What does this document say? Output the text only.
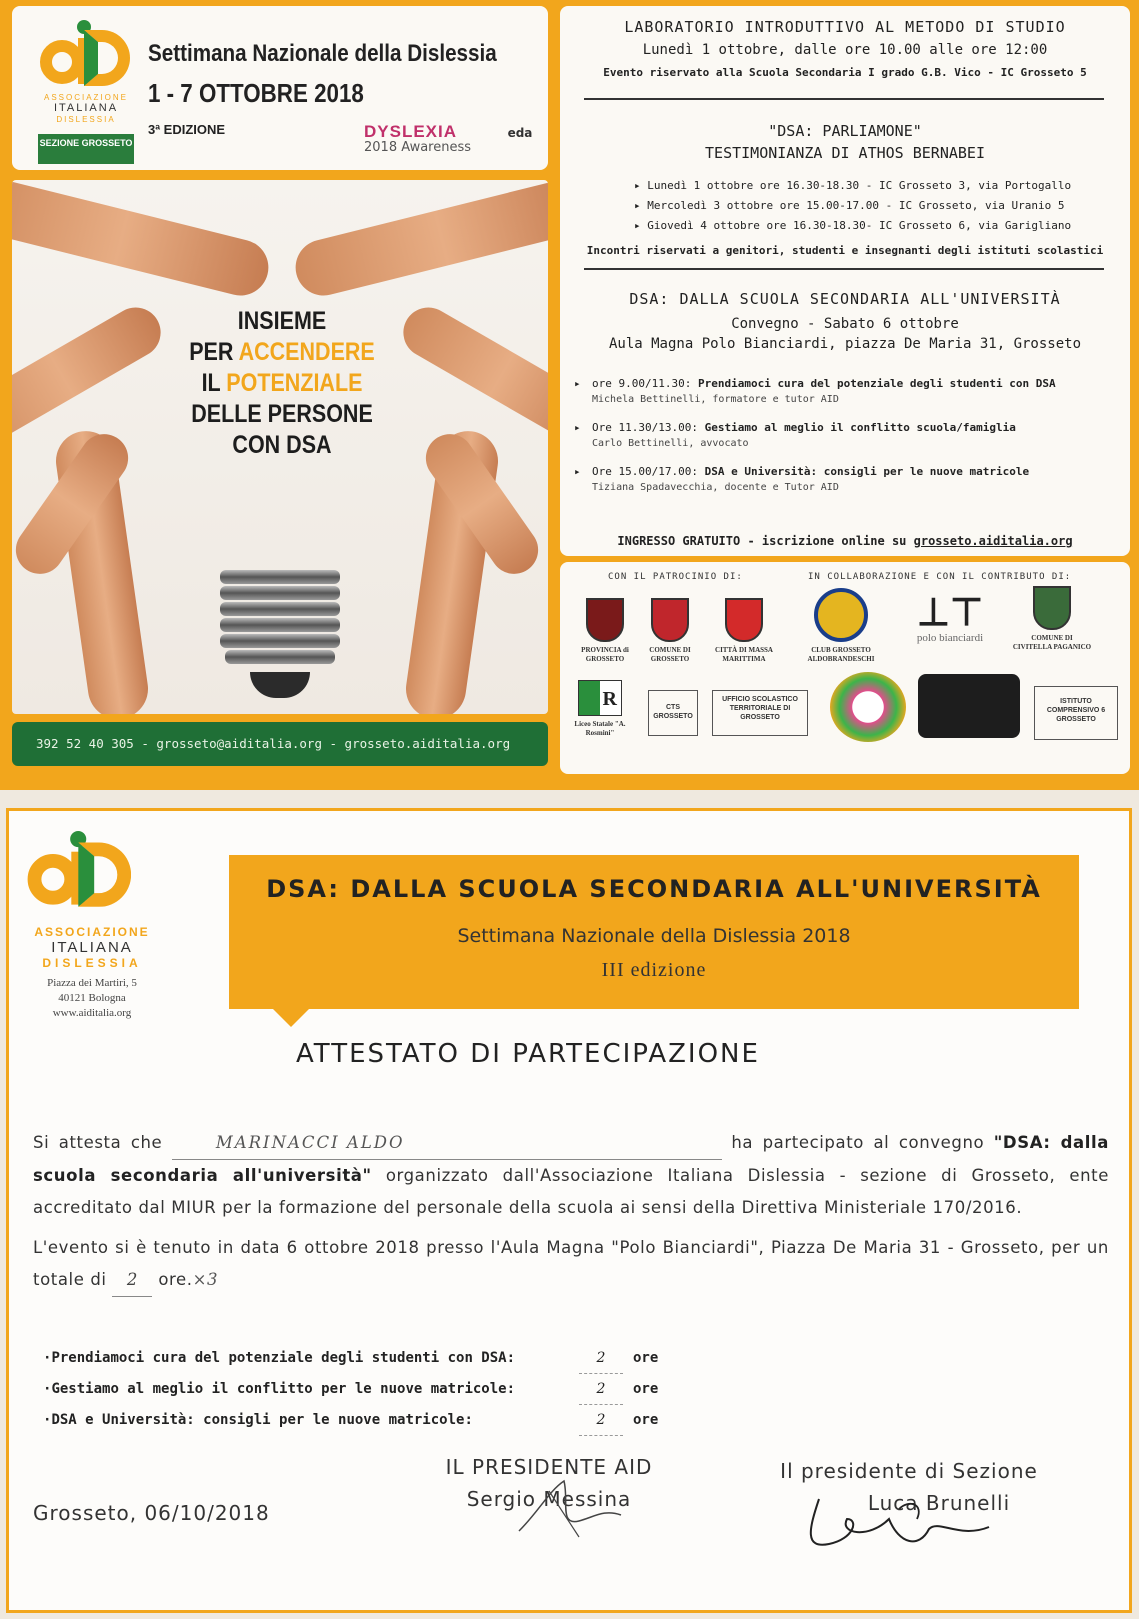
ASSOCIAZIONE
ITALIANA
DISLESSIA
SEZIONE GROSSETO
Settimana Nazionale della Dislessia
1 - 7 OTTOBRE 2018
3ª EDIZIONE	DYSLEXIA
2018 Awareness
eda
INSIEME
PER ACCENDERE
IL POTENZIALE
DELLE PERSONE
CON DSA
392 52 40 305 - grosseto@aiditalia.org - grosseto.aiditalia.org
LABORATORIO INTRODUTTIVO AL METODO DI STUDIO
Lunedì 1 ottobre, dalle ore 10.00 alle ore 12:00
Evento riservato alla Scuola Secondaria I grado G.B. Vico - IC Grosseto 5
"DSA: PARLIAMONE"
TESTIMONIANZA DI ATHOS BERNABEI
▸ Lunedì 1 ottobre ore 16.30-18.30 - IC Grosseto 3, via Portogallo
▸ Mercoledì 3 ottobre ore 15.00-17.00 - IC Grosseto, via Uranio 5
▸ Giovedì 4 ottobre ore 16.30-18.30- IC Grosseto 6, via Garigliano
Incontri riservati a genitori, studenti e insegnanti degli istituti scolastici
DSA: DALLA SCUOLA SECONDARIA ALL'UNIVERSITÀ
Convegno - Sabato 6 ottobre
Aula Magna Polo Bianciardi, piazza De Maria 31, Grosseto
▸ ore 9.00/11.30: Prendiamoci cura del potenziale degli studenti con DSA
Michela Bettinelli, formatore e tutor AID
▸ Ore 11.30/13.00: Gestiamo al meglio il conflitto scuola/famiglia
Carlo Bettinelli, avvocato
▸ Ore 15.00/17.00: DSA e Università: consigli per le nuove matricole
Tiziana Spadavecchia, docente e Tutor AID
INGRESSO GRATUITO - iscrizione online su grosseto.aiditalia.org
CON IL PATROCINIO DI:	IN COLLABORAZIONE E CON IL CONTRIBUTO DI:
PROVINCIA di GROSSETO
COMUNE DI GROSSETO
CITTÀ DI MASSA MARITTIMA
CLUB GROSSETO ALDOBRANDESCHI
⊥⊤
polo bianciardi	COMUNE DI CIVITELLA PAGANICO
R
Liceo Statale "A. Rosmini"
CTS GROSSETO
UFFICIO SCOLASTICO TERRITORIALE DI GROSSETO
ISTITUTO COMPRENSIVO 6 GROSSETO
ASSOCIAZIONE
ITALIANA
DISLESSIA
Piazza dei Martiri, 5
40121 Bologna
www.aiditalia.org
DSA: DALLA SCUOLA SECONDARIA ALL'UNIVERSITÀ
Settimana Nazionale della Dislessia 2018
III edizione
ATTESTATO DI PARTECIPAZIONE
Si attesta che	MARINACCI ALDO	ha partecipato al convegno "DSA: dalla scuola secondaria all'università" organizzato dall'Associazione Italiana Dislessia - sezione di Grosseto, ente accreditato dal MIUR per la formazione del personale della scuola ai sensi della Direttiva Ministeriale 170/2016.
L'evento si è tenuto in data 6 ottobre 2018 presso l'Aula Magna "Polo Bianciardi", Piazza De Maria 31 - Grosseto, per un totale di 2 ore.×3
· Prendiamoci cura del potenziale degli studenti con DSA:	2	ore
· Gestiamo al meglio il conflitto per le nuove matricole:	2	ore
· DSA e Università: consigli per le nuove matricole:	2	ore
Grosseto, 06/10/2018
IL PRESIDENTE AID
Sergio Messina
Il presidente di Sezione
Luca Brunelli
